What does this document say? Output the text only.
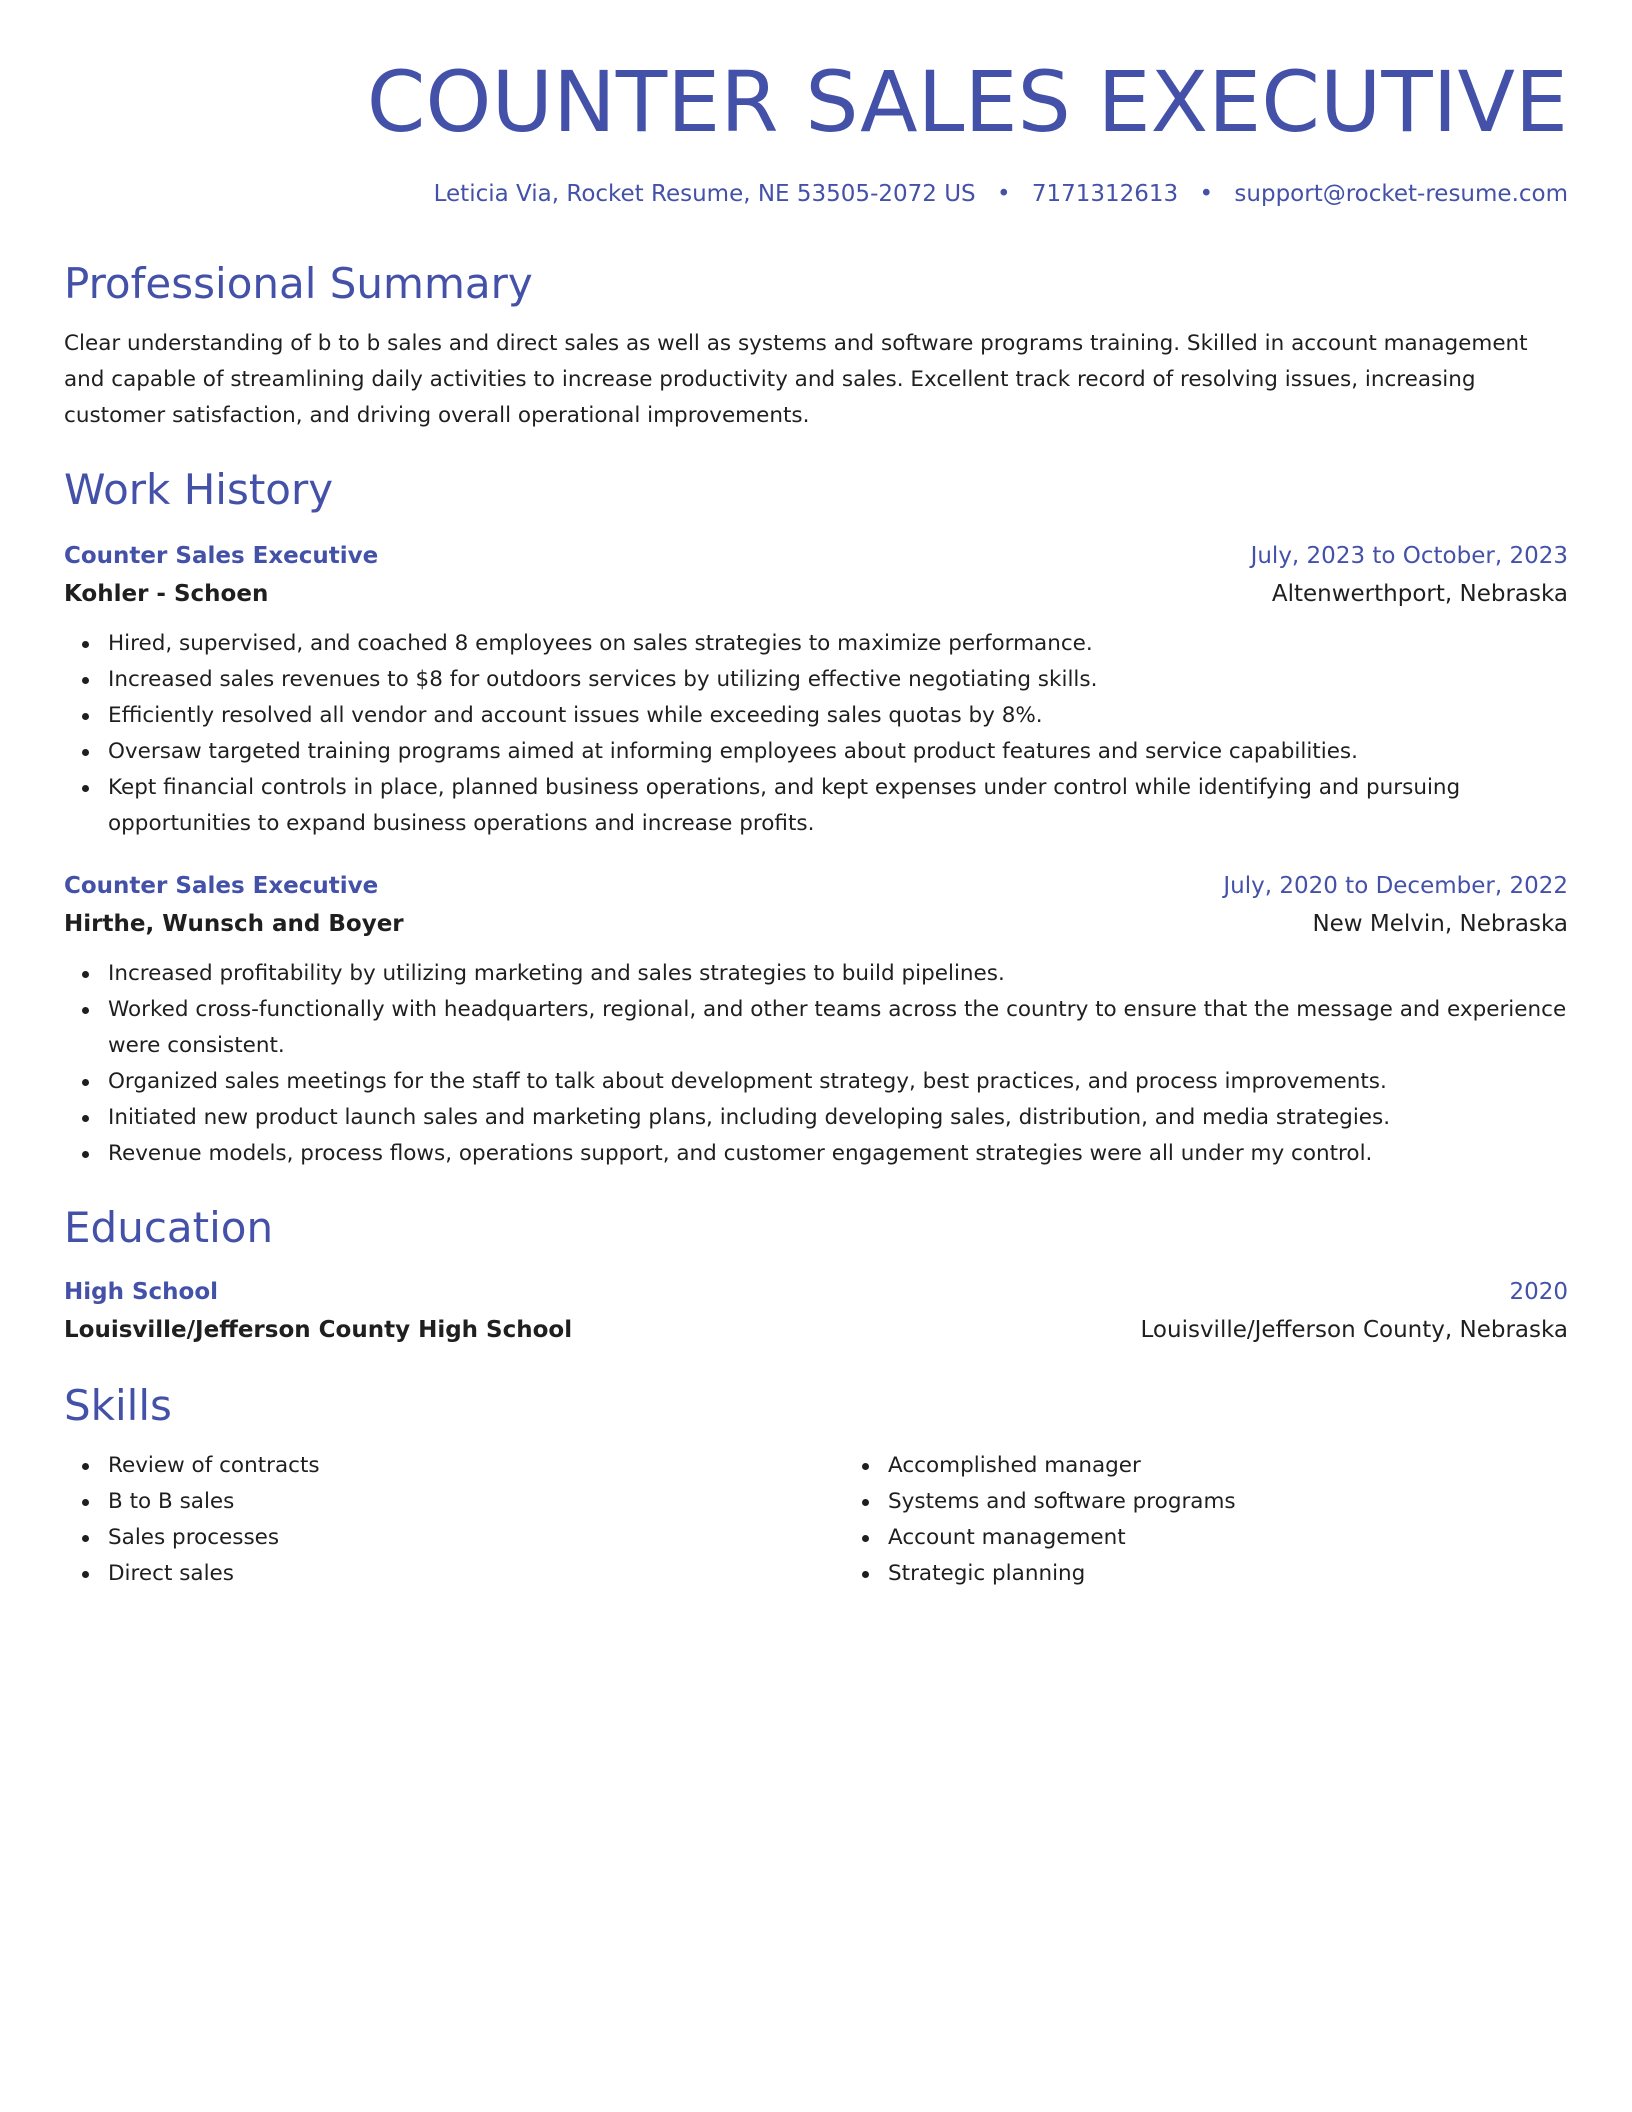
COUNTER SALES EXECUTIVE
Leticia Via, Rocket Resume, NE 53505-2072 US • 7171312613 • support@rocket-resume.com
Professional Summary

Clear understanding of b to b sales and direct sales as well as systems and software programs training. Skilled in account management and capable of streamlining daily activities to increase productivity and sales. Excellent track record of resolving issues, increasing customer satisfaction, and driving overall operational improvements.

Work History
Counter Sales Executive	July, 2023 to October, 2023
Kohler - Schoen	Altenwerthport, Nebraska
Hired, supervised, and coached 8 employees on sales strategies to maximize performance.
Increased sales revenues to $8 for outdoors services by utilizing effective negotiating skills.
Efficiently resolved all vendor and account issues while exceeding sales quotas by 8%.
Oversaw targeted training programs aimed at informing employees about product features and service capabilities.
Kept financial controls in place, planned business operations, and kept expenses under control while identifying and pursuing opportunities to expand business operations and increase profits.
Counter Sales Executive	July, 2020 to December, 2022
Hirthe, Wunsch and Boyer	New Melvin, Nebraska
Increased profitability by utilizing marketing and sales strategies to build pipelines.
Worked cross-functionally with headquarters, regional, and other teams across the country to ensure that the message and experience were consistent.
Organized sales meetings for the staff to talk about development strategy, best practices, and process improvements.
Initiated new product launch sales and marketing plans, including developing sales, distribution, and media strategies.
Revenue models, process flows, operations support, and customer engagement strategies were all under my control.
Education
High School	2020
Louisville/Jefferson County High School	Louisville/Jefferson County, Nebraska
Skills
Review of contracts
B to B sales
Sales processes
Direct sales
Accomplished manager
Systems and software programs
Account management
Strategic planning
